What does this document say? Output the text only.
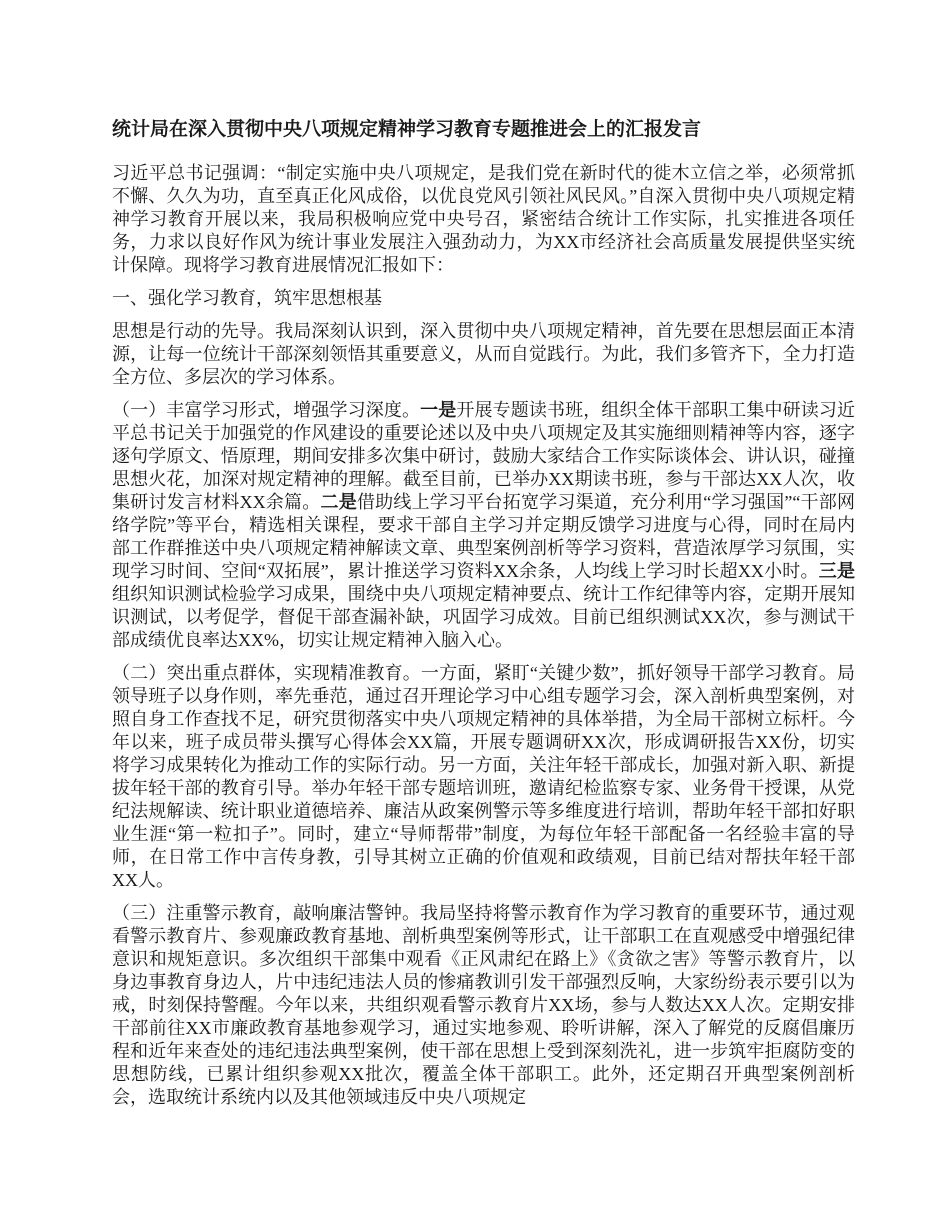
统计局在深入贯彻中央八项规定精神学习教育专题推进会上的汇报发言

习近平总书记强调：“制定实施中央八项规定，是我们党在新时代的徙木立信之举，必须常抓不懈、久久为功，直至真正化风成俗，以优良党风引领社风民风。”自深入贯彻中央八项规定精神学习教育开展以来，我局积极响应党中央号召，紧密结合统计工作实际，扎实推进各项任务，力求以良好作风为统计事业发展注入强劲动力，为XX市经济社会高质量发展提供坚实统计保障。现将学习教育进展情况汇报如下：

一、强化学习教育，筑牢思想根基

思想是行动的先导。我局深刻认识到，深入贯彻中央八项规定精神，首先要在思想层面正本清源，让每一位统计干部深刻领悟其重要意义，从而自觉践行。为此，我们多管齐下，全力打造全方位、多层次的学习体系。

（一）丰富学习形式，增强学习深度。一是开展专题读书班，组织全体干部职工集中研读习近平总书记关于加强党的作风建设的重要论述以及中央八项规定及其实施细则精神等内容，逐字逐句学原文、悟原理，期间安排多次集中研讨，鼓励大家结合工作实际谈体会、讲认识，碰撞思想火花，加深对规定精神的理解。截至目前，已举办XX期读书班，参与干部达XX人次，收集研讨发言材料XX余篇。二是借助线上学习平台拓宽学习渠道，充分利用“学习强国”“干部网络学院”等平台，精选相关课程，要求干部自主学习并定期反馈学习进度与心得，同时在局内部工作群推送中央八项规定精神解读文章、典型案例剖析等学习资料，营造浓厚学习氛围，实现学习时间、空间“双拓展”，累计推送学习资料XX余条，人均线上学习时长超XX小时。三是组织知识测试检验学习成果，围绕中央八项规定精神要点、统计工作纪律等内容，定期开展知识测试，以考促学，督促干部查漏补缺，巩固学习成效。目前已组织测试XX次，参与测试干部成绩优良率达XX%，切实让规定精神入脑入心。

（二）突出重点群体，实现精准教育。一方面，紧盯“关键少数”，抓好领导干部学习教育。局领导班子以身作则，率先垂范，通过召开理论学习中心组专题学习会，深入剖析典型案例，对照自身工作查找不足，研究贯彻落实中央八项规定精神的具体举措，为全局干部树立标杆。今年以来，班子成员带头撰写心得体会XX篇，开展专题调研XX次，形成调研报告XX份，切实将学习成果转化为推动工作的实际行动。另一方面，关注年轻干部成长，加强对新入职、新提拔年轻干部的教育引导。举办年轻干部专题培训班，邀请纪检监察专家、业务骨干授课，从党纪法规解读、统计职业道德培养、廉洁从政案例警示等多维度进行培训，帮助年轻干部扣好职业生涯“第一粒扣子”。同时，建立“导师帮带”制度，为每位年轻干部配备一名经验丰富的导师，在日常工作中言传身教，引导其树立正确的价值观和政绩观，目前已结对帮扶年轻干部XX人。

（三）注重警示教育，敲响廉洁警钟。我局坚持将警示教育作为学习教育的重要环节，通过观看警示教育片、参观廉政教育基地、剖析典型案例等形式，让干部职工在直观感受中增强纪律意识和规矩意识。多次组织干部集中观看《正风肃纪在路上》《贪欲之害》等警示教育片，以身边事教育身边人，片中违纪违法人员的惨痛教训引发干部强烈反响，大家纷纷表示要引以为戒，时刻保持警醒。今年以来，共组织观看警示教育片XX场，参与人数达XX人次。定期安排干部前往XX市廉政教育基地参观学习，通过实地参观、聆听讲解，深入了解党的反腐倡廉历程和近年来查处的违纪违法典型案例，使干部在思想上受到深刻洗礼，进一步筑牢拒腐防变的思想防线，已累计组织参观XX批次，覆盖全体干部职工。此外，还定期召开典型案例剖析会，选取统计系统内以及其他领域违反中央八项规定
